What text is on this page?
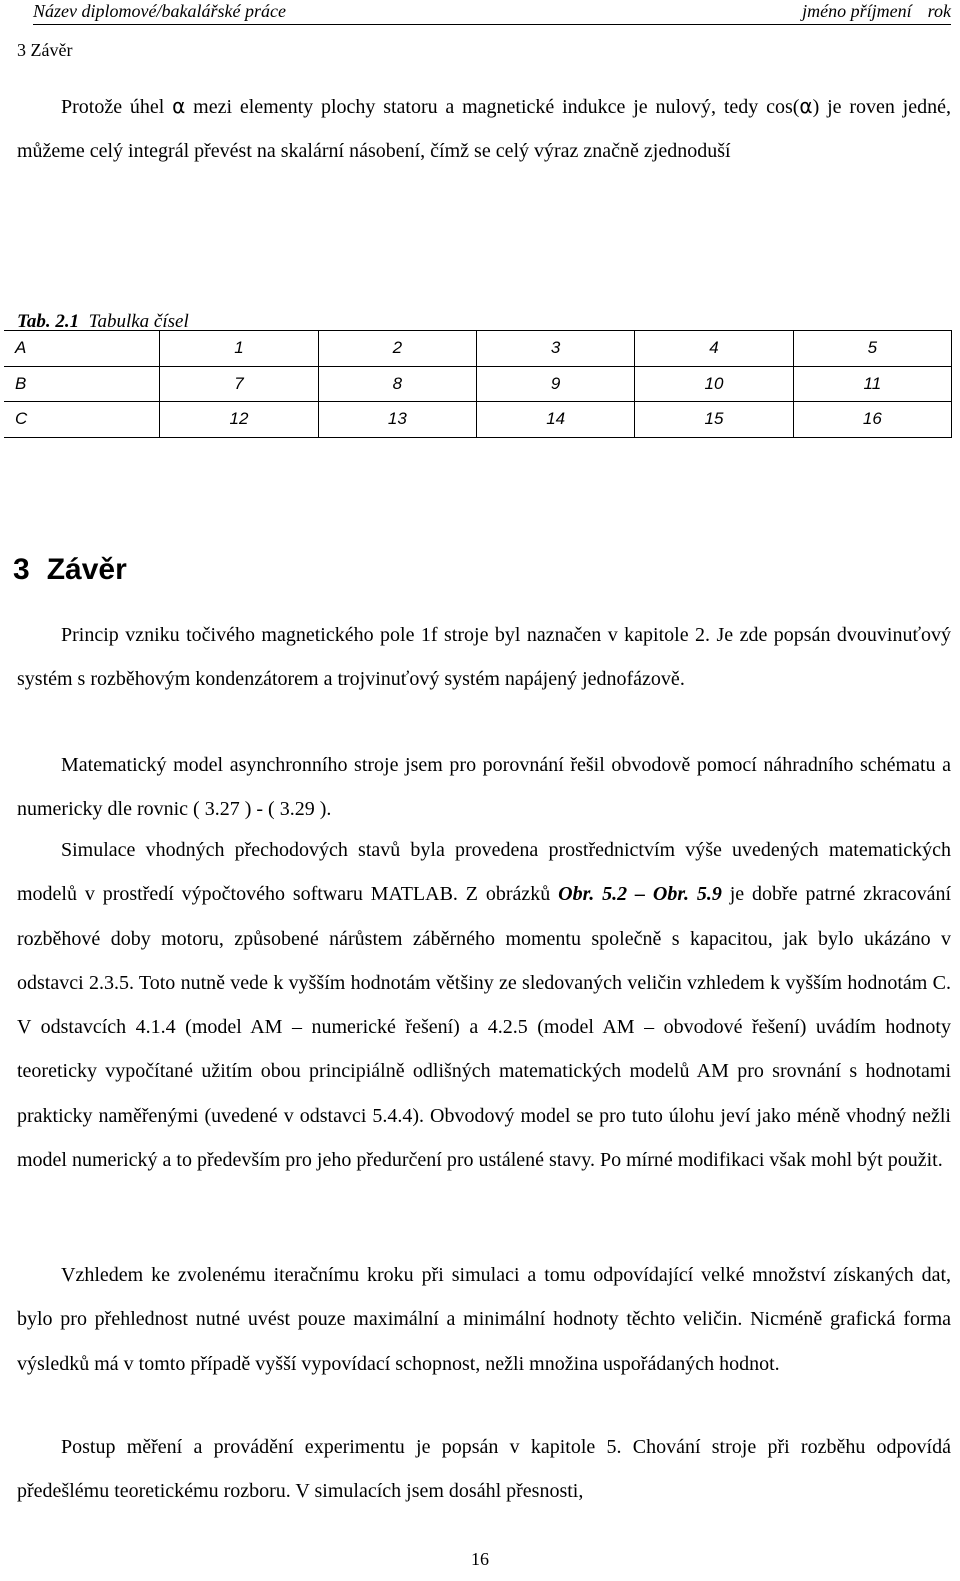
Název diplomové/bakalářské práce	jméno příjmení rok
3 Závěr

Protože úhel α mezi elementy plochy statoru a magnetické indukce je nulový, tedy cos(α) je roven jedné, můžeme celý integrál převést na skalární násobení, čímž se celý výraz značně zjednoduší

Tab. 2.1 Tabulka čísel
A	1	2	3	4	5
B	7	8	9	10	11
C	12	13	14	15	16
3 Závěr

Princip vzniku točivého magnetického pole 1f stroje byl naznačen v kapitole 2. Je zde popsán dvouvinuťový systém s rozběhovým kondenzátorem a trojvinuťový systém napájený jednofázově.

Matematický model asynchronního stroje jsem pro porovnání řešil obvodově pomocí náhradního schématu a numericky dle rovnic ( 3.27 ) - ( 3.29 ).

Simulace vhodných přechodových stavů byla provedena prostřednictvím výše uvedených matematických modelů v prostředí výpočtového softwaru MATLAB. Z obrázků Obr. 5.2 – Obr. 5.9 je dobře patrné zkracování rozběhové doby motoru, způsobené nárůstem záběrného momentu společně s kapacitou, jak bylo ukázáno v odstavci 2.3.5. Toto nutně vede k vyšším hodnotám většiny ze sledovaných veličin vzhledem k vyšším hodnotám C. V odstavcích 4.1.4 (model AM – numerické řešení) a 4.2.5 (model AM – obvodové řešení) uvádím hodnoty teoreticky vypočítané užitím obou principiálně odlišných matematických modelů AM pro srovnání s hodnotami prakticky naměřenými (uvedené v odstavci 5.4.4). Obvodový model se pro tuto úlohu jeví jako méně vhodný nežli model numerický a to především pro jeho předurčení pro ustálené stavy. Po mírné modifikaci však mohl být použit.

Vzhledem ke zvolenému iteračnímu kroku při simulaci a tomu odpovídající velké množství získaných dat, bylo pro přehlednost nutné uvést pouze maximální a minimální hodnoty těchto veličin. Nicméně grafická forma výsledků má v tomto případě vyšší vypovídací schopnost, nežli množina uspořádaných hodnot.

Postup měření a provádění experimentu je popsán v kapitole 5. Chování stroje při rozběhu odpovídá předešlému teoretickému rozboru. V simulacích jsem dosáhl přesnosti,

16
